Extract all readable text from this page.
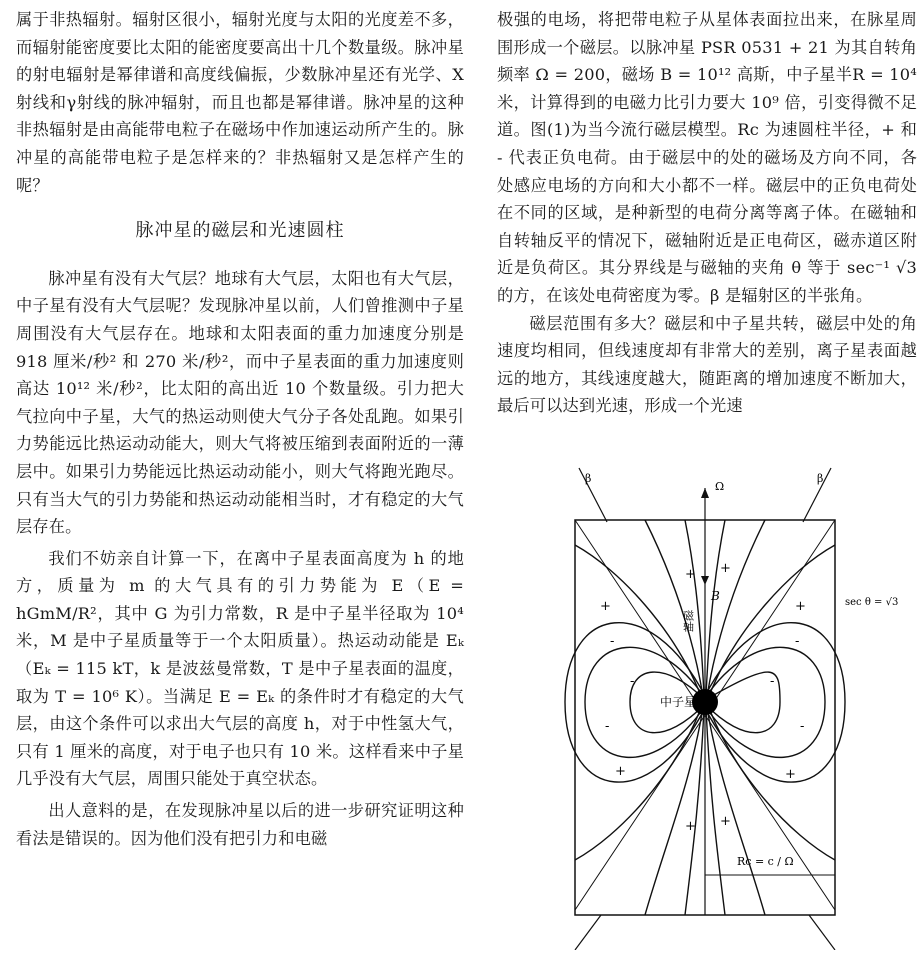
属于非热辐射。辐射区很小，辐射光度与太阳的光度差不多，而辐射能密度要比太阳的能密度要高出十几个数量级。脉冲星的射电辐射是幂律谱和高度线偏振，少数脉冲星还有光学、X射线和γ射线的脉冲辐射，而且也都是幂律谱。脉冲星的这种非热辐射是由高能带电粒子在磁场中作加速运动所产生的。脉冲星的高能带电粒子是怎样来的？非热辐射又是怎样产生的呢？

脉冲星的磁层和光速圆柱

脉冲星有没有大气层？地球有大气层，太阳也有大气层，中子星有没有大气层呢？发现脉冲星以前，人们曾推测中子星周围没有大气层存在。地球和太阳表面的重力加速度分别是 918 厘米/秒² 和 270 米/秒²，而中子星表面的重力加速度则高达 10¹² 米/秒²，比太阳的高出近 10 个数量级。引力把大气拉向中子星，大气的热运动则使大气分子各处乱跑。如果引力势能远比热运动动能大，则大气将被压缩到表面附近的一薄层中。如果引力势能远比热运动动能小，则大气将跑光跑尽。只有当大气的引力势能和热运动动能相当时，才有稳定的大气层存在。

我们不妨亲自计算一下，在离中子星表面高度为 h 的地方，质量为 m 的大气具有的引力势能为 E（E = hGmM/R²，其中 G 为引力常数，R 是中子星半径取为 10⁴ 米，M 是中子星质量等于一个太阳质量）。热运动动能是 Eₖ（Eₖ = 115 kT，k 是波兹曼常数，T 是中子星表面的温度，取为 T = 10⁶ K）。当满足 E = Eₖ 的条件时才有稳定的大气层，由这个条件可以求出大气层的高度 h，对于中性氢大气，只有 1 厘米的高度，对于电子也只有 10 米。这样看来中子星几乎没有大气层，周围只能处于真空状态。

出人意料的是，在发现脉冲星以后的进一步研究证明这种看法是错误的。因为他们没有把引力和电磁

极强的电场，将把带电粒子从星体表面拉出来，在脉星周围形成一个磁层。以脉冲星 PSR 0531 + 21 为其自转角频率 Ω = 200，磁场 B = 10¹² 高斯，中子星半R = 10⁴ 米，计算得到的电磁力比引力要大 10⁹ 倍，引变得微不足道。图(1)为当今流行磁层模型。Rc 为速圆柱半径，+ 和 - 代表正负电荷。由于磁层中的处的磁场及方向不同，各处感应电场的方向和大小都不一样。磁层中的正负电荷处在不同的区域，是种新型的电荷分离等离子体。在磁轴和自转轴反平的情况下，磁轴附近是正电荷区，磁赤道区附近是负荷区。其分界线是与磁轴的夹角 θ 等于 sec⁻¹ √3 的方，在该处电荷密度为零。β 是辐射区的半张角。

磁层范围有多大？磁层和中子星共转，磁层中处的角速度均相同，但线速度却有非常大的差别，离子星表面越远的地方，其线速度越大，随距离的增加速度不断加大，最后可以达到光速，形成一个光速

β	β
Ω
磁轴
B
中子星
sec θ = √3
Rc = c / Ω
+ +
+	+
-	-
-	-
-	-
+	+
+ +
